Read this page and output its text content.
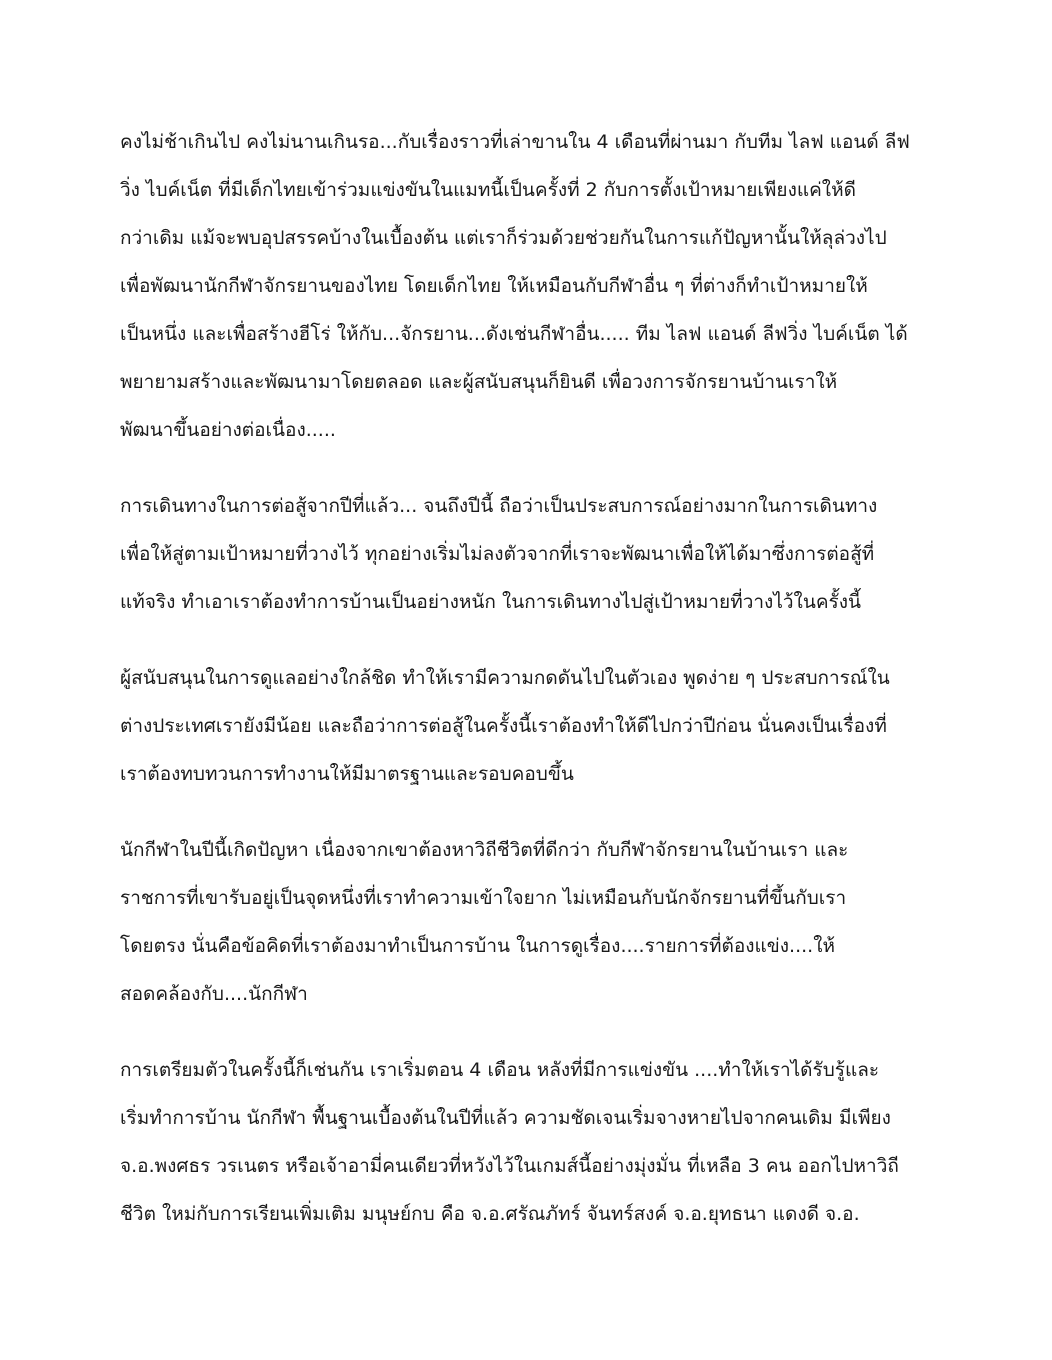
คงไม่ช้าเกินไป คงไม่นานเกินรอ...กับเรื่องราวที่เล่าขานใน 4 เดือนที่ผ่านมา กับทีม ไลฟ แอนด์ ลีฟ
วิ่ง ไบค์เน็ต ที่มีเด็กไทยเข้าร่วมแข่งขันในแมทนี้เป็นครั้งที่ 2 กับการตั้งเป้าหมายเพียงแค่ให้ดี
กว่าเดิม แม้จะพบอุปสรรคบ้างในเบื้องต้น แต่เราก็ร่วมด้วยช่วยกันในการแก้ปัญหานั้นให้ลุล่วงไป
เพื่อพัฒนานักกีฬาจักรยานของไทย โดยเด็กไทย ให้เหมือนกับกีฬาอื่น ๆ ที่ต่างก็ทำเป้าหมายให้
เป็นหนึ่ง และเพื่อสร้างฮีโร่ ให้กับ...จักรยาน...ดังเช่นกีฬาอื่น..... ทีม ไลฟ แอนด์ ลีฟวิ่ง ไบค์เน็ต ได้
พยายามสร้างและพัฒนามาโดยตลอด และผู้สนับสนุนก็ยินดี เพื่อวงการจักรยานบ้านเราให้
พัฒนาขึ้นอย่างต่อเนื่อง.....
การเดินทางในการต่อสู้จากปีที่แล้ว... จนถึงปีนี้ ถือว่าเป็นประสบการณ์อย่างมากในการเดินทาง
เพื่อให้สู่ตามเป้าหมายที่วางไว้ ทุกอย่างเริ่มไม่ลงตัวจากที่เราจะพัฒนาเพื่อให้ได้มาซึ่งการต่อสู้ที่
แท้จริง ทำเอาเราต้องทำการบ้านเป็นอย่างหนัก ในการเดินทางไปสู่เป้าหมายที่วางไว้ในครั้งนี้
ผู้สนับสนุนในการดูแลอย่างใกล้ชิด ทำให้เรามีความกดดันไปในตัวเอง พูดง่าย ๆ ประสบการณ์ใน
ต่างประเทศเรายังมีน้อย และถือว่าการต่อสู้ในครั้งนี้เราต้องทำให้ดีไปกว่าปีก่อน นั่นคงเป็นเรื่องที่
เราต้องทบทวนการทำงานให้มีมาตรฐานและรอบคอบขึ้น
นักกีฬาในปีนี้เกิดปัญหา เนื่องจากเขาต้องหาวิถีชีวิตที่ดีกว่า กับกีฬาจักรยานในบ้านเรา และ
ราชการที่เขารับอยู่เป็นจุดหนึ่งที่เราทำความเข้าใจยาก ไม่เหมือนกับนักจักรยานที่ขึ้นกับเรา
โดยตรง นั่นคือข้อคิดที่เราต้องมาทำเป็นการบ้าน ในการดูเรื่อง....รายการที่ต้องแข่ง....ให้
สอดคล้องกับ....นักกีฬา
การเตรียมตัวในครั้งนี้ก็เช่นกัน เราเริ่มตอน 4 เดือน หลังที่มีการแข่งขัน ....ทำให้เราได้รับรู้และ
เริ่มทำการบ้าน นักกีฬา พื้นฐานเบื้องต้นในปีที่แล้ว ความชัดเจนเริ่มจางหายไปจากคนเดิม มีเพียง
จ.อ.พงศธร วรเนตร หรือเจ้าอามี่คนเดียวที่หวังไว้ในเกมส์นี้อย่างมุ่งมั่น ที่เหลือ 3 คน ออกไปหาวิถี
ชีวิต ใหม่กับการเรียนเพิ่มเติม มนุษย์กบ คือ จ.อ.ศรัณภัทร์ จันทร์สงค์ จ.อ.ยุทธนา แดงดี จ.อ.
